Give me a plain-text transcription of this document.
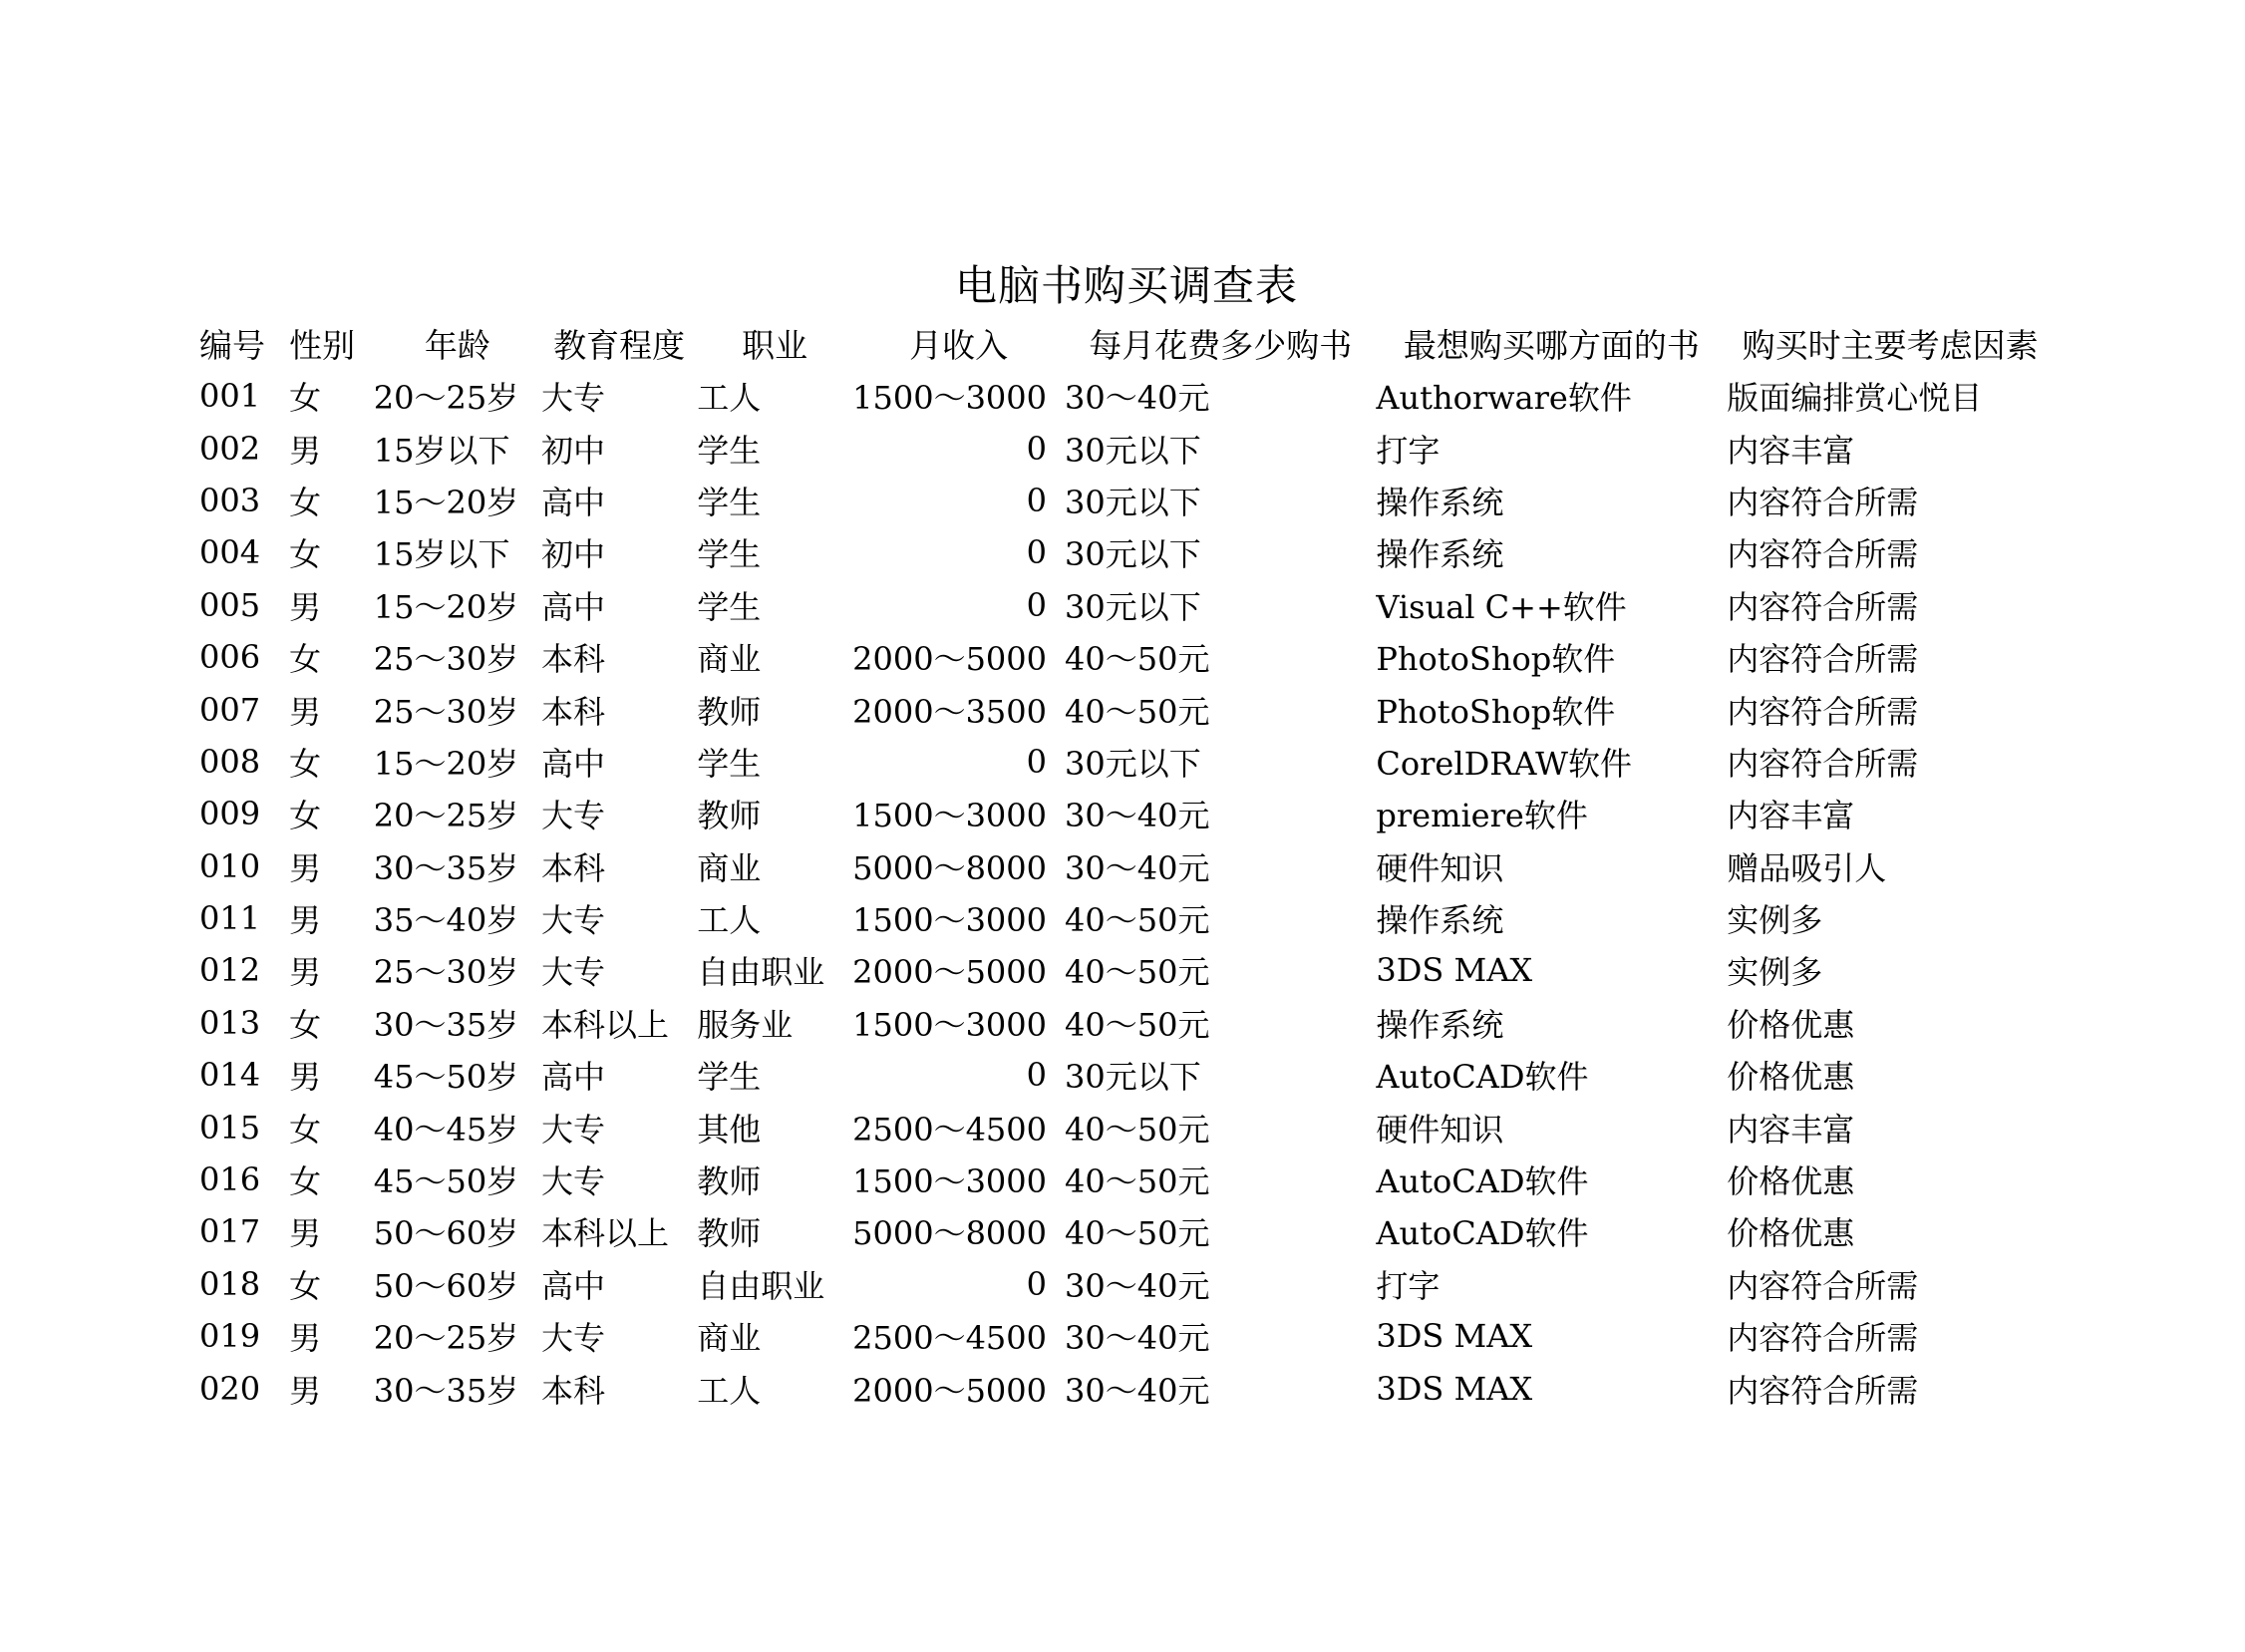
电脑书购买调查表
编号	性别	年龄	教育程度	职业	月收入	每月花费多少购书	最想购买哪方面的书	购买时主要考虑因素
001	女	20～25岁	大专	工人	1500～3000	30～40元	Authorware软件	版面编排赏心悦目
002	男	15岁以下	初中	学生	0	30元以下	打字	内容丰富
003	女	15～20岁	高中	学生	0	30元以下	操作系统	内容符合所需
004	女	15岁以下	初中	学生	0	30元以下	操作系统	内容符合所需
005	男	15～20岁	高中	学生	0	30元以下	Visual C++软件	内容符合所需
006	女	25～30岁	本科	商业	2000～5000	40～50元	PhotoShop软件	内容符合所需
007	男	25～30岁	本科	教师	2000～3500	40～50元	PhotoShop软件	内容符合所需
008	女	15～20岁	高中	学生	0	30元以下	CorelDRAW软件	内容符合所需
009	女	20～25岁	大专	教师	1500～3000	30～40元	premiere软件	内容丰富
010	男	30～35岁	本科	商业	5000～8000	30～40元	硬件知识	赠品吸引人
011	男	35～40岁	大专	工人	1500～3000	40～50元	操作系统	实例多
012	男	25～30岁	大专	自由职业	2000～5000	40～50元	3DS MAX	实例多
013	女	30～35岁	本科以上	服务业	1500～3000	40～50元	操作系统	价格优惠
014	男	45～50岁	高中	学生	0	30元以下	AutoCAD软件	价格优惠
015	女	40～45岁	大专	其他	2500～4500	40～50元	硬件知识	内容丰富
016	女	45～50岁	大专	教师	1500～3000	40～50元	AutoCAD软件	价格优惠
017	男	50～60岁	本科以上	教师	5000～8000	40～50元	AutoCAD软件	价格优惠
018	女	50～60岁	高中	自由职业	0	30～40元	打字	内容符合所需
019	男	20～25岁	大专	商业	2500～4500	30～40元	3DS MAX	内容符合所需
020	男	30～35岁	本科	工人	2000～5000	30～40元	3DS MAX	内容符合所需
